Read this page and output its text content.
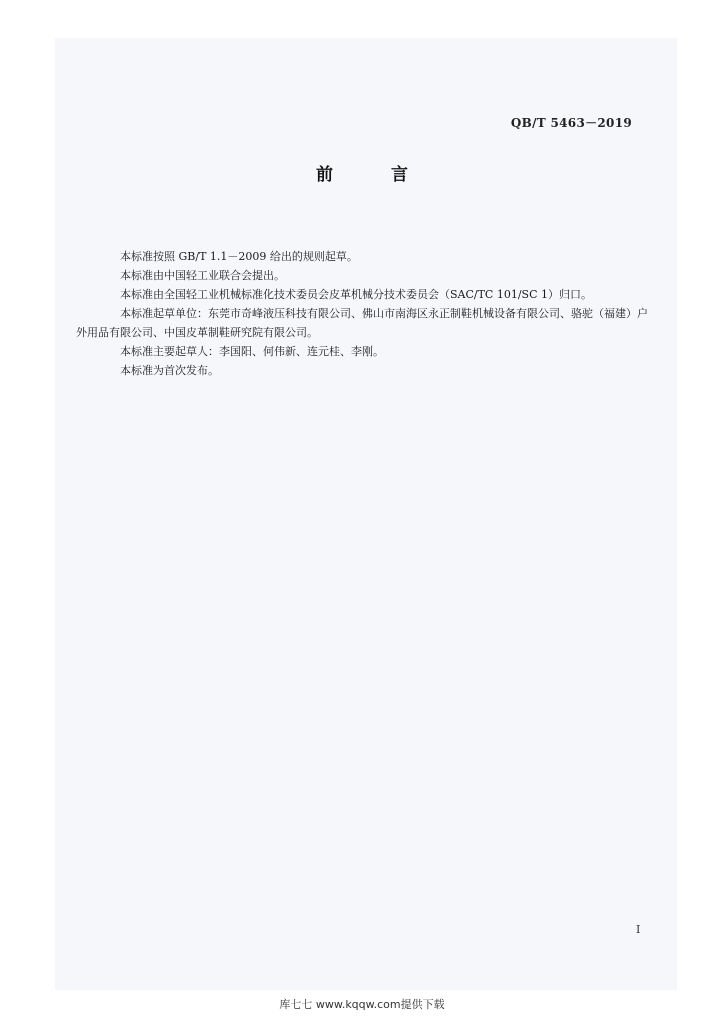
QB/T 5463－2019
前 言

本标准按照 GB/T 1.1－2009 给出的规则起草。

本标准由中国轻工业联合会提出。

本标准由全国轻工业机械标准化技术委员会皮革机械分技术委员会（SAC/TC 101/SC 1）归口。

本标准起草单位：东莞市奇峰液压科技有限公司、佛山市南海区永正制鞋机械设备有限公司、骆驼（福建）户外用品有限公司、中国皮革制鞋研究院有限公司。

本标准主要起草人：李国阳、何伟新、连元桂、李刚。

本标准为首次发布。

I
库七七 www.kqqw.com提供下载
